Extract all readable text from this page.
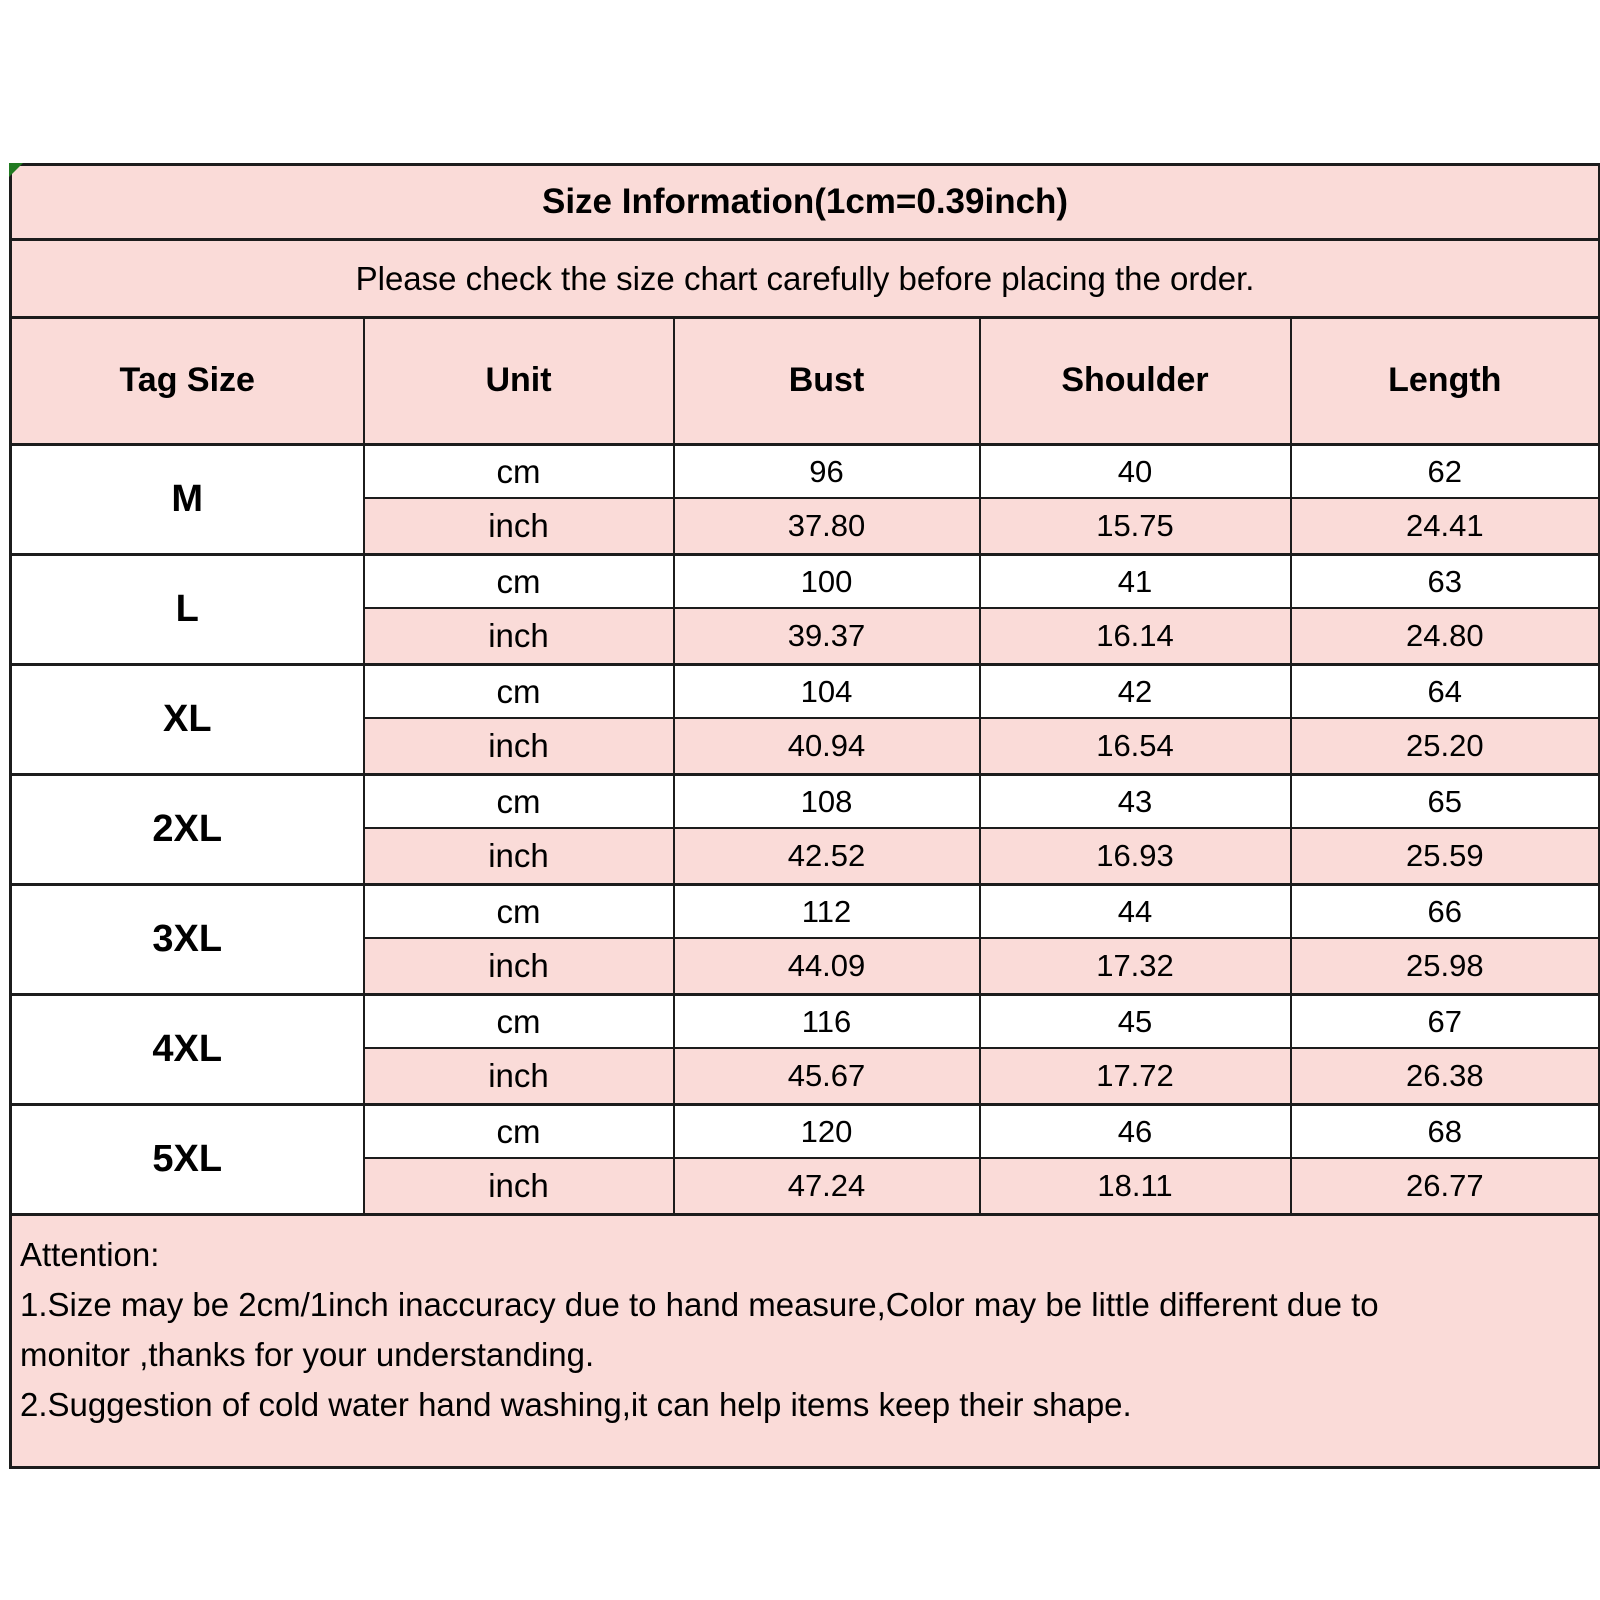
Size Information(1cm=0.39inch)				
Please check the size chart carefully before placing the order.				
Tag Size	Unit	Bust	Shoulder	Length
M	cm	96	40	62
	inch	37.80	15.75	24.41
L	cm	100	41	63
	inch	39.37	16.14	24.80
XL	cm	104	42	64
	inch	40.94	16.54	25.20
2XL	cm	108	43	65
	inch	42.52	16.93	25.59
3XL	cm	112	44	66
	inch	44.09	17.32	25.98
4XL	cm	116	45	67
	inch	45.67	17.72	26.38
5XL	cm	120	46	68
	inch	47.24	18.11	26.77

Attention:
1.Size may be 2cm/1inch inaccuracy due to hand measure,Color may be little different due to
monitor ,thanks for your understanding.
2.Suggestion of cold water hand washing,it can help items keep their shape.				
